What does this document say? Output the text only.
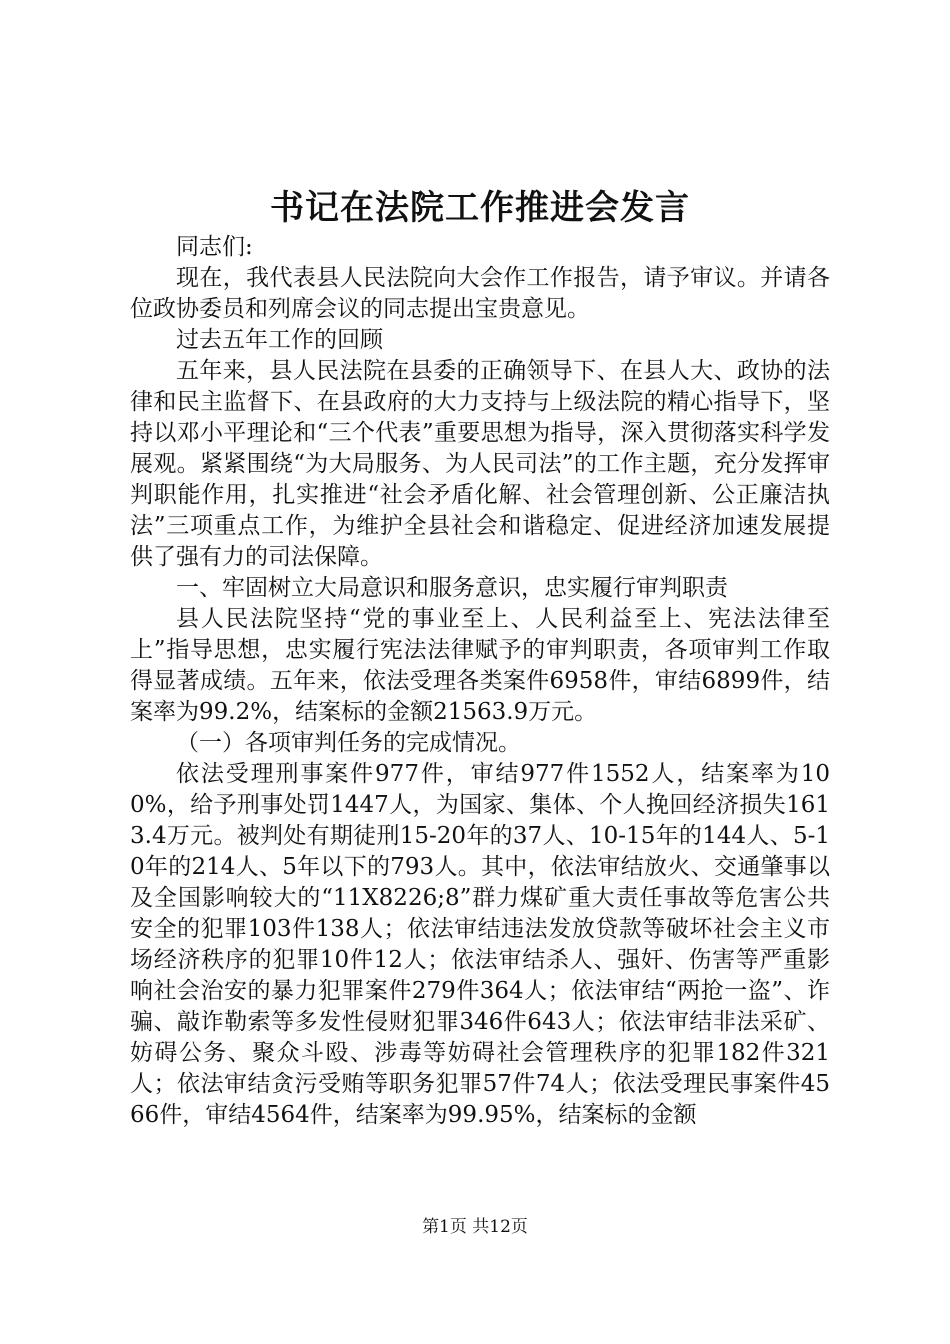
书记在法院工作推进会发言

同志们:

现在，我代表县人民法院向大会作工作报告，请予审议。并请各位政协委员和列席会议的同志提出宝贵意见。

过去五年工作的回顾

五年来，县人民法院在县委的正确领导下、在县人大、政协的法律和民主监督下、在县政府的大力支持与上级法院的精心指导下，坚持以邓小平理论和“三个代表”重要思想为指导，深入贯彻落实科学发展观。紧紧围绕“为大局服务、为人民司法”的工作主题，充分发挥审判职能作用，扎实推进“社会矛盾化解、社会管理创新、公正廉洁执法”三项重点工作，为维护全县社会和谐稳定、促进经济加速发展提供了强有力的司法保障。

一、牢固树立大局意识和服务意识，忠实履行审判职责

县人民法院坚持“党的事业至上、人民利益至上、宪法法律至上”指导思想，忠实履行宪法法律赋予的审判职责，各项审判工作取得显著成绩。五年来，依法受理各类案件6958件，审结6899件，结案率为99.2%，结案标的金额21563.9万元。

（一）各项审判任务的完成情况。

依法受理刑事案件977件，审结977件1552人，结案率为100%，给予刑事处罚1447人，为国家、集体、个人挽回经济损失1613.4万元。被判处有期徒刑15-20年的37人、10-15年的144人、5-10年的214人、5年以下的793人。其中，依法审结放火、交通肇事以及全国影响较大的“11X8226;8”群力煤矿重大责任事故等危害公共安全的犯罪103件138人；依法审结违法发放贷款等破坏社会主义市场经济秩序的犯罪10件12人；依法审结杀人、强奸、伤害等严重影响社会治安的暴力犯罪案件279件364人；依法审结“两抢一盗”、诈骗、敲诈勒索等多发性侵财犯罪346件643人；依法审结非法采矿、妨碍公务、聚众斗殴、涉毒等妨碍社会管理秩序的犯罪182件321人；依法审结贪污受贿等职务犯罪57件74人；依法受理民事案件4566件，审结4564件，结案率为99.95%，结案标的金额

第1页 共12页
